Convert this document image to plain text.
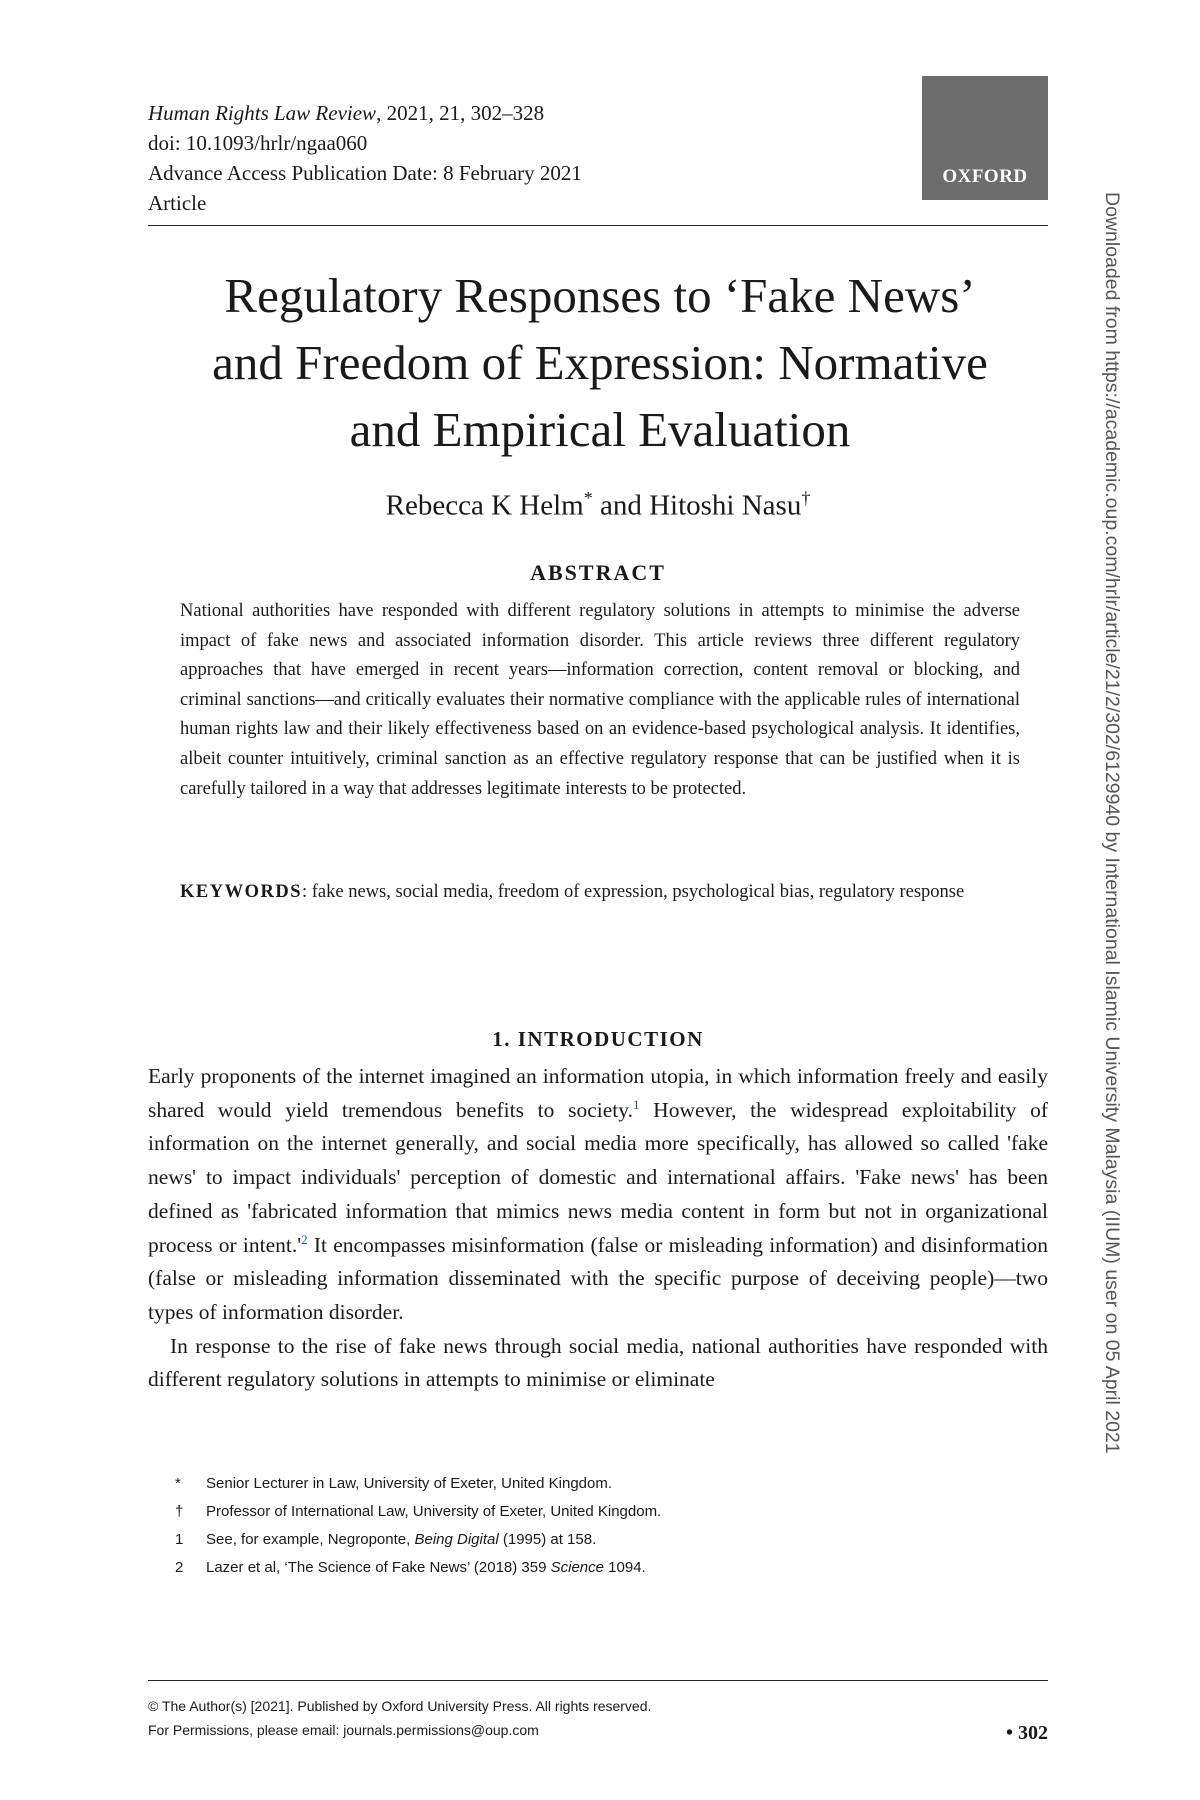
Human Rights Law Review, 2021, 21, 302–328
doi: 10.1093/hrlr/ngaa060
Advance Access Publication Date: 8 February 2021
Article
OXFORD
Regulatory Responses to ‘Fake News’
and Freedom of Expression: Normative
and Empirical Evaluation
Rebecca K Helm* and Hitoshi Nasu†
ABSTRACT

National authorities have responded with different regulatory solutions in attempts to minimise the adverse impact of fake news and associated information disorder. This article reviews three different regulatory approaches that have emerged in recent years—information correction, content removal or blocking, and criminal sanctions—and critically evaluates their normative compliance with the applicable rules of international human rights law and their likely effectiveness based on an evidence-based psychological analysis. It identifies, albeit counter intuitively, criminal sanction as an effective regulatory response that can be justified when it is carefully tailored in a way that addresses legitimate interests to be protected.

KEYWORDS: fake news, social media, freedom of expression, psychological bias, regulatory response

1. INTRODUCTION

Early proponents of the internet imagined an information utopia, in which information freely and easily shared would yield tremendous benefits to society.$^1$ However, the widespread exploitability of information on the internet generally, and social media more specifically, has allowed so called 'fake news' to impact individuals' perception of domestic and international affairs. 'Fake news' has been defined as 'fabricated information that mimics news media content in form but not in organizational process or intent.'$^2$ It encompasses misinformation (false or misleading information) and disinformation (false or misleading information disseminated with the specific purpose of deceiving people)—two types of information disorder.

In response to the rise of fake news through social media, national authorities have responded with different regulatory solutions in attempts to minimise or eliminate

*	Senior Lecturer in Law, University of Exeter, United Kingdom.
†	Professor of International Law, University of Exeter, United Kingdom.
1	See, for example, Negroponte, Being Digital (1995) at 158.
2	Lazer et al, ‘The Science of Fake News’ (2018) 359 Science 1094.
© The Author(s) [2021]. Published by Oxford University Press. All rights reserved.
For Permissions, please email: journals.permissions@oup.com	• 302
Downloaded from https://academic.oup.com/hrlr/article/21/2/302/6129940 by International Islamic University Malaysia (IIUM) user on 05 April 2021
